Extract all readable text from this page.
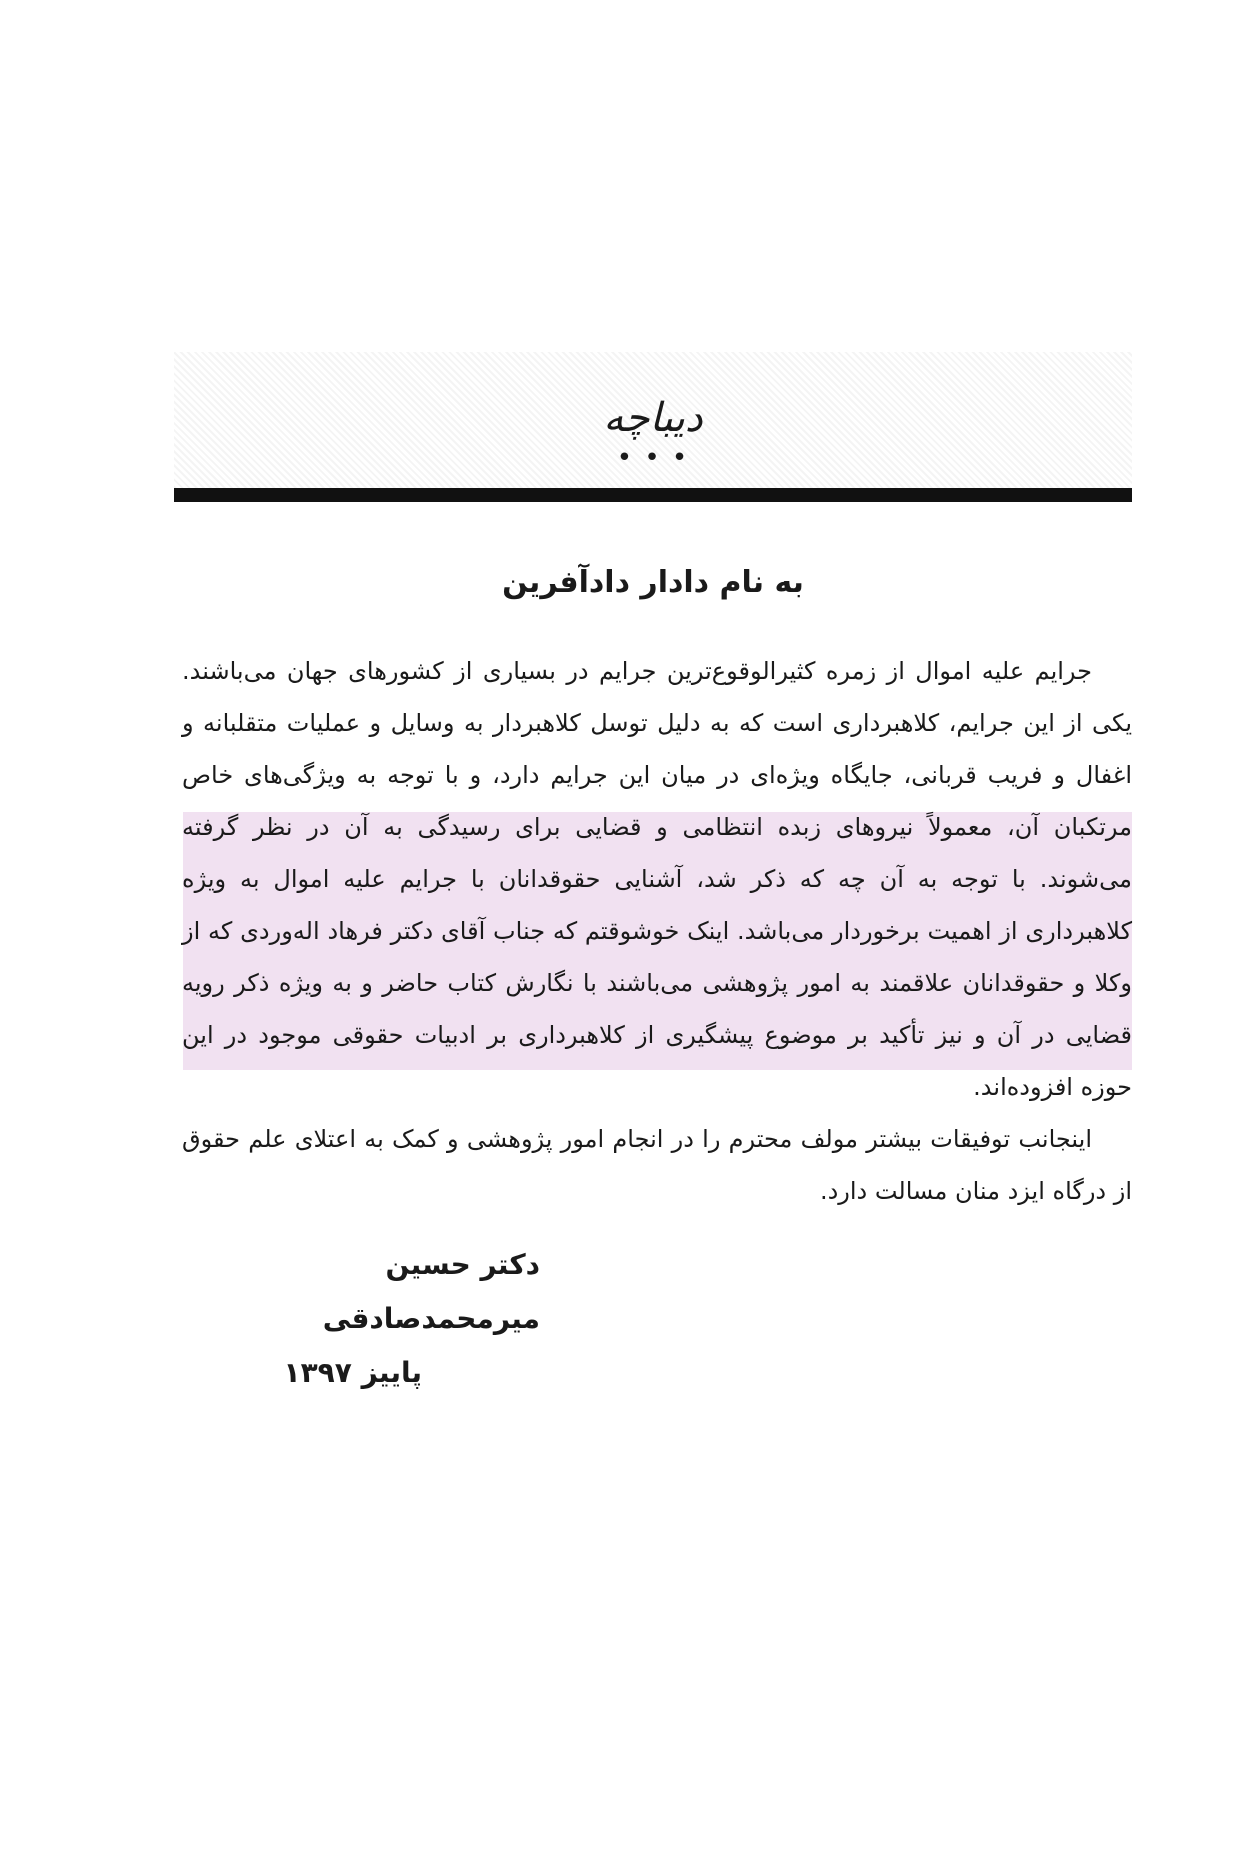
دیباچه
• • •
به نام دادار دادآفرین

جرایم علیه اموال از زمره کثیرالوقوع‌ترین جرایم در بسیاری از کشورهای جهان می‌باشند. یکی از این جرایم، کلاهبرداری است که به دلیل توسل کلاهبردار به وسایل و عملیات متقلبانه و اغفال و فریب قربانی، جایگاه ویژه‌ای در میان این جرایم دارد، و با توجه به ویژگی‌های خاص مرتکبان آن، معمولاً نیروهای زبده انتظامی و قضایی برای رسیدگی به آن در نظر گرفته می‌شوند. با توجه به آن چه که ذکر شد، آشنایی حقوقدانان با جرایم علیه اموال به ویژه کلاهبرداری از اهمیت برخوردار می‌باشد. اینک خوشوقتم که جناب آقای دکتر فرهاد اله‌وردی که از وکلا و حقوقدانان علاقمند به امور پژوهشی می‌باشند با نگارش کتاب حاضر و به ویژه ذکر رویه قضایی در آن و نیز تأکید بر موضوع پیشگیری از کلاهبرداری بر ادبیات حقوقی موجود در این حوزه افزوده‌اند.

اینجانب توفیقات بیشتر مولف محترم را در انجام امور پژوهشی و کمک به اعتلای علم حقوق از درگاه ایزد منان مسالت دارد.

دکتر حسین میرمحمدصادقی
پاییز ۱۳۹۷
